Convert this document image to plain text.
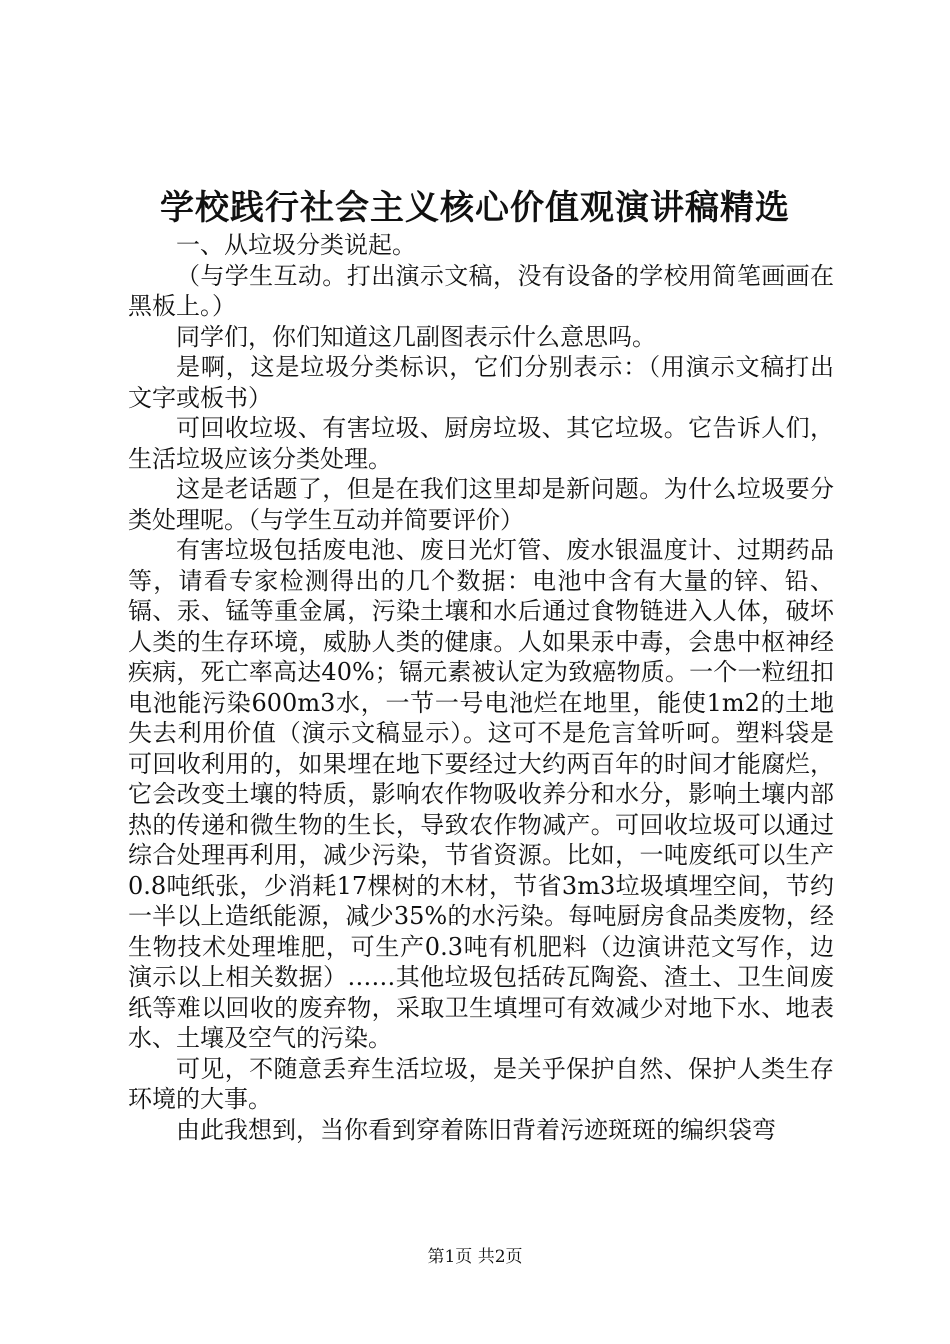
学校践行社会主义核心价值观演讲稿精选

一、从垃圾分类说起。

（与学生互动。打出演示文稿，没有设备的学校用简笔画画在黑板上。）

同学们，你们知道这几副图表示什么意思吗。

是啊，这是垃圾分类标识，它们分别表示：（用演示文稿打出文字或板书）

可回收垃圾、有害垃圾、厨房垃圾、其它垃圾。它告诉人们，生活垃圾应该分类处理。

这是老话题了，但是在我们这里却是新问题。为什么垃圾要分类处理呢。（与学生互动并简要评价）

有害垃圾包括废电池、废日光灯管、废水银温度计、过期药品等，请看专家检测得出的几个数据：电池中含有大量的锌、铅、镉、汞、锰等重金属，污染土壤和水后通过食物链进入人体，破坏人类的生存环境，威胁人类的健康。人如果汞中毒，会患中枢神经疾病，死亡率高达40%；镉元素被认定为致癌物质。一个一粒纽扣电池能污染600m3水，一节一号电池烂在地里，能使1m2的土地失去利用价值（演示文稿显示）。这可不是危言耸听呵。塑料袋是可回收利用的，如果埋在地下要经过大约两百年的时间才能腐烂，它会改变土壤的特质，影响农作物吸收养分和水分，影响土壤内部热的传递和微生物的生长，导致农作物减产。可回收垃圾可以通过综合处理再利用，减少污染，节省资源。比如，一吨废纸可以生产0.8吨纸张，少消耗17棵树的木材，节省3m3垃圾填埋空间，节约一半以上造纸能源，减少35%的水污染。每吨厨房食品类废物，经生物技术处理堆肥，可生产0.3吨有机肥料（边演讲范文写作，边演示以上相关数据）……其他垃圾包括砖瓦陶瓷、渣土、卫生间废纸等难以回收的废弃物，采取卫生填埋可有效减少对地下水、地表水、土壤及空气的污染。

可见，不随意丢弃生活垃圾，是关乎保护自然、保护人类生存环境的大事。

由此我想到，当你看到穿着陈旧背着污迹斑斑的编织袋弯

第1页 共2页
